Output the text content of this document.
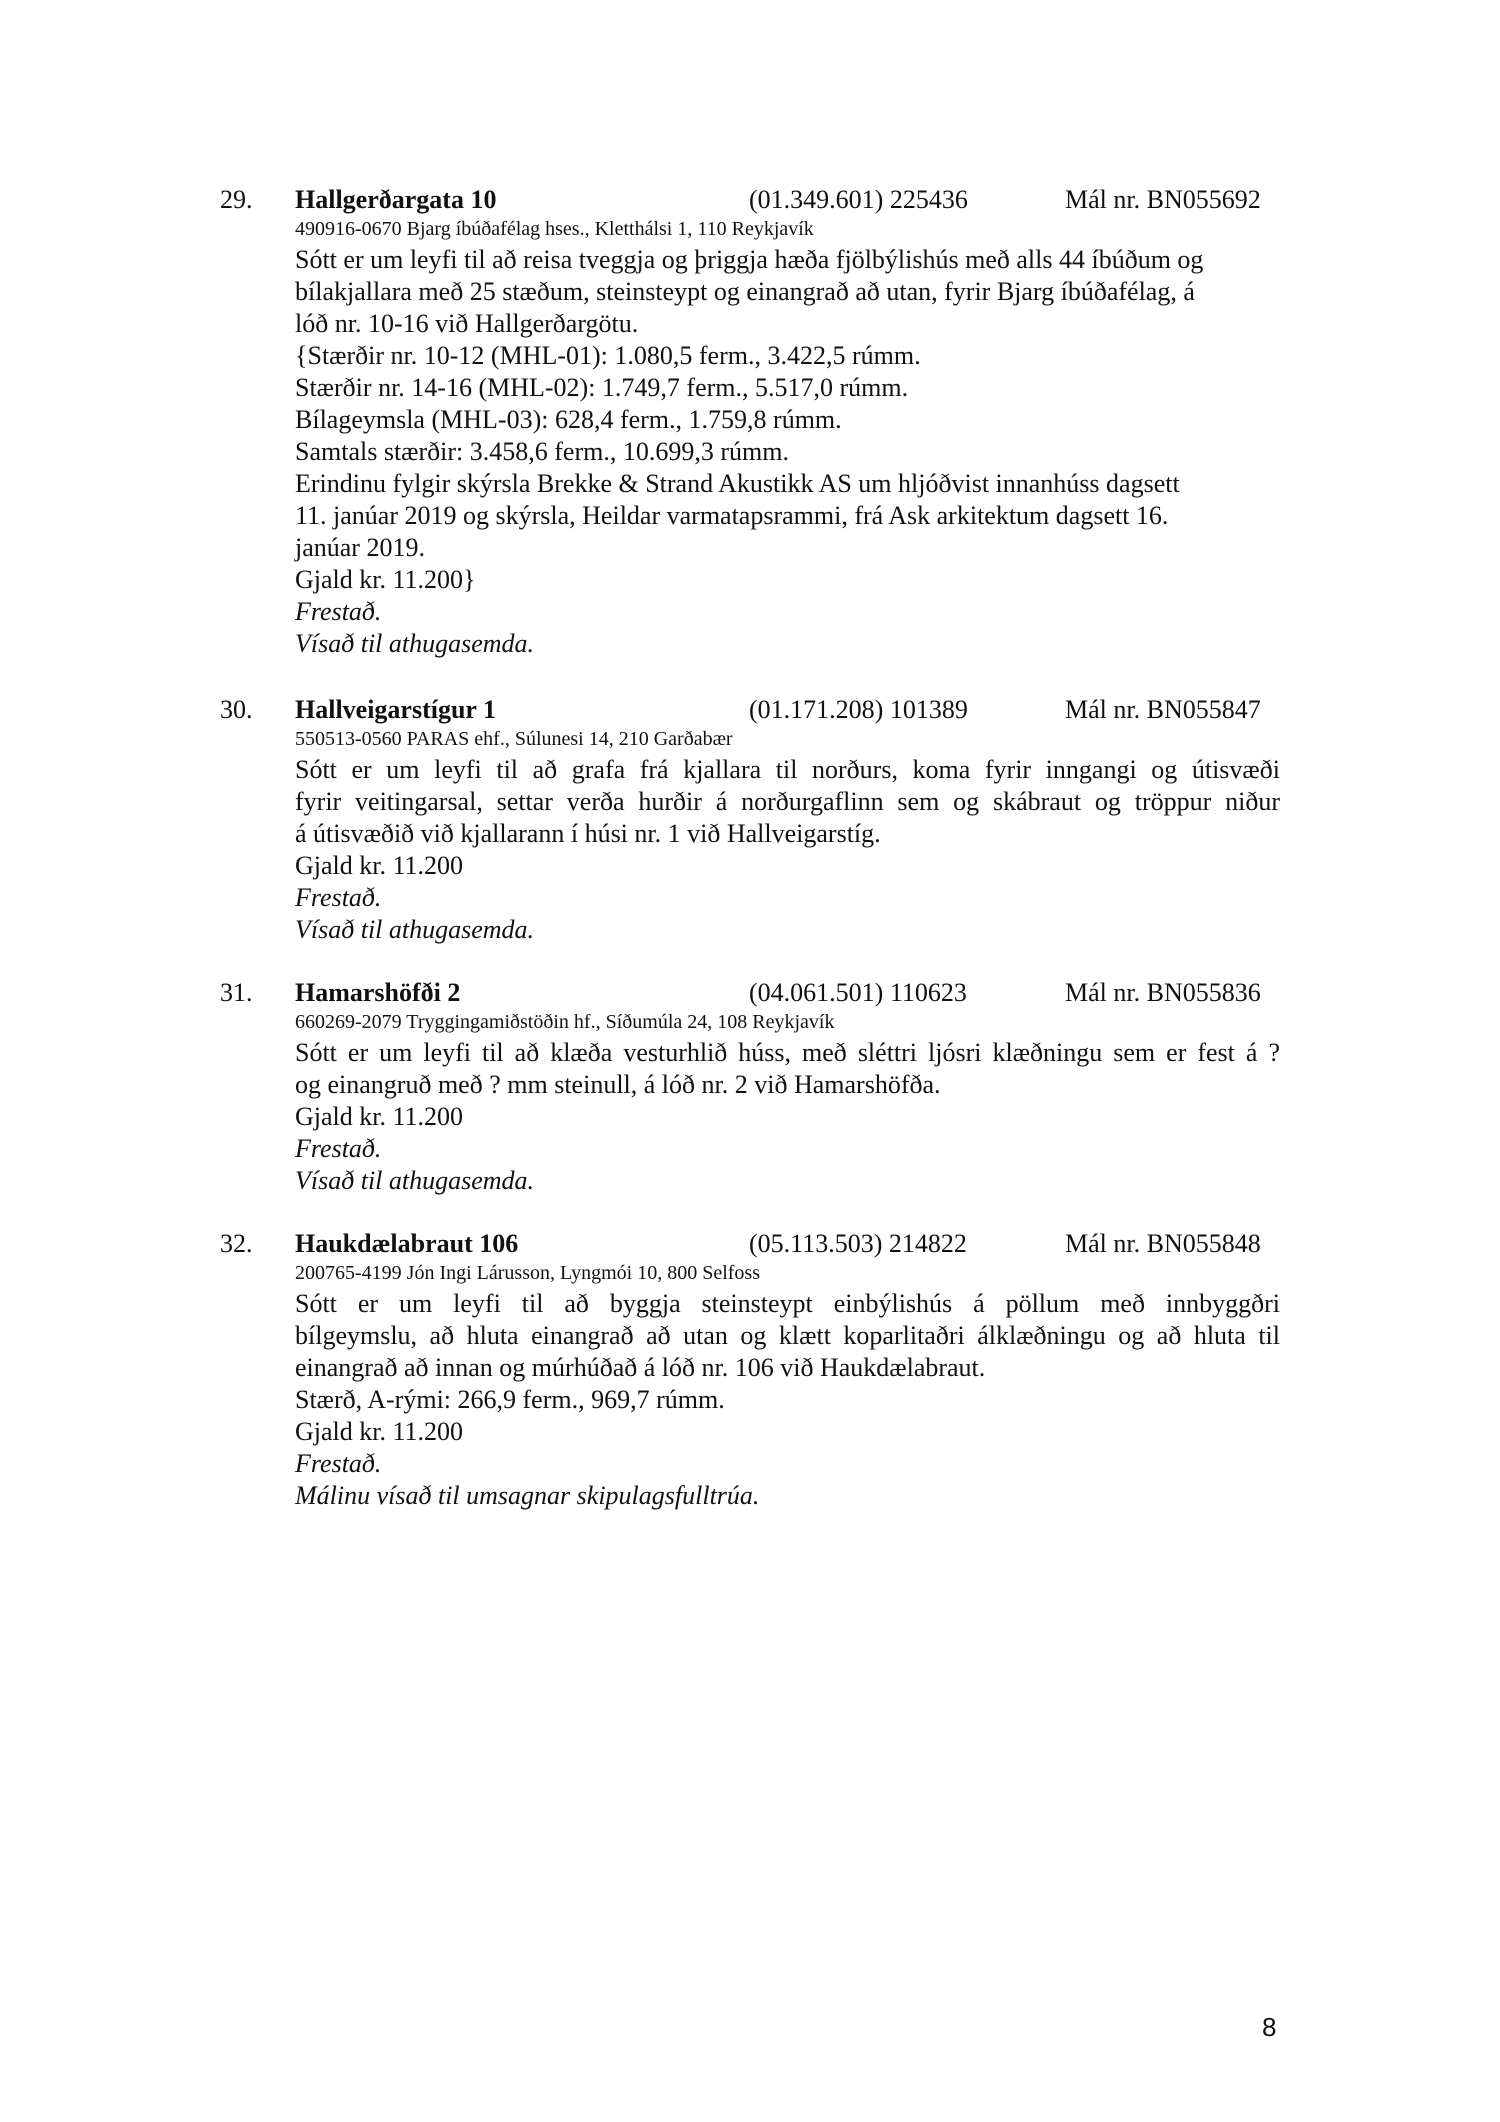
29. Hallgerðargata 10	(01.349.601) 225436	Mál nr. BN055692
490916-0670 Bjarg íbúðafélag hses., Kletthálsi 1, 110 Reykjavík
Sótt er um leyfi til að reisa tveggja og þriggja hæða fjölbýlishús með alls 44 íbúðum og
bílakjallara með 25 stæðum, steinsteypt og einangrað að utan, fyrir Bjarg íbúðafélag, á
lóð nr. 10-16 við Hallgerðargötu.
{Stærðir nr. 10-12 (MHL-01): 1.080,5 ferm., 3.422,5 rúmm.
Stærðir nr. 14-16 (MHL-02): 1.749,7 ferm., 5.517,0 rúmm.
Bílageymsla (MHL-03): 628,4 ferm., 1.759,8 rúmm.
Samtals stærðir: 3.458,6 ferm., 10.699,3 rúmm.
Erindinu fylgir skýrsla Brekke & Strand Akustikk AS um hljóðvist innanhúss dagsett
11. janúar 2019 og skýrsla, Heildar varmatapsrammi, frá Ask arkitektum dagsett 16.
janúar 2019.
Gjald kr. 11.200}
Frestað.
Vísað til athugasemda.
30. Hallveigarstígur 1	(01.171.208) 101389	Mál nr. BN055847
550513-0560 PARAS ehf., Súlunesi 14, 210 Garðabær
Sótt er um leyfi til að grafa frá kjallara til norðurs, koma fyrir inngangi og útisvæði
fyrir veitingarsal, settar verða hurðir á norðurgaflinn sem og skábraut og tröppur niður
á útisvæðið við kjallarann í húsi nr. 1 við Hallveigarstíg.
Gjald kr. 11.200
Frestað.
Vísað til athugasemda.
31. Hamarshöfði 2	(04.061.501) 110623	Mál nr. BN055836
660269-2079 Tryggingamiðstöðin hf., Síðumúla 24, 108 Reykjavík
Sótt er um leyfi til að klæða vesturhlið húss, með sléttri ljósri klæðningu sem er fest á ?
og einangruð með ? mm steinull, á lóð nr. 2 við Hamarshöfða.
Gjald kr. 11.200
Frestað.
Vísað til athugasemda.
32. Haukdælabraut 106	(05.113.503) 214822	Mál nr. BN055848
200765-4199 Jón Ingi Lárusson, Lyngmói 10, 800 Selfoss
Sótt er um leyfi til að byggja steinsteypt einbýlishús á pöllum með innbyggðri
bílgeymslu, að hluta einangrað að utan og klætt koparlitaðri álklæðningu og að hluta til
einangrað að innan og múrhúðað á lóð nr. 106 við Haukdælabraut.
Stærð, A-rými: 266,9 ferm., 969,7 rúmm.
Gjald kr. 11.200
Frestað.
Málinu vísað til umsagnar skipulagsfulltrúa.
8
